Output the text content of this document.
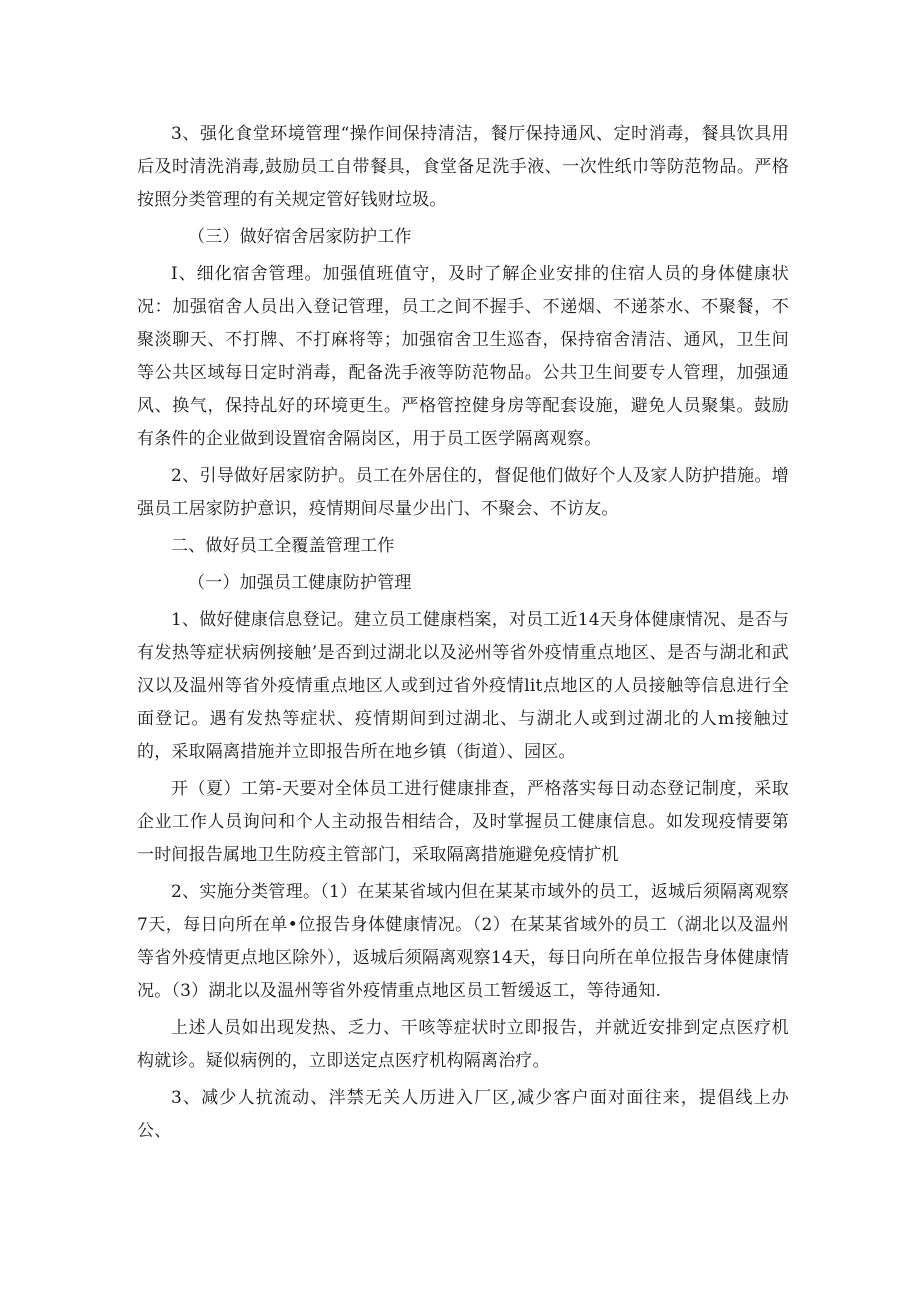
3、强化食堂环境管理“操作间保持清洁，餐厅保持通风、定时消毒，餐具饮具用后及时清洗消毒,鼓励员工自带餐具，食堂备足洗手液、一次性纸巾等防范物品。严格按照分类管理的有关规定管好钱财垃圾。

（三）做好宿舍居家防护工作

I、细化宿舍管理。加强值班值守，及时了解企业安排的住宿人员的身体健康状况：加强宿舍人员出入登记管理，员工之间不握手、不递烟、不递茶水、不聚餐，不聚淡聊天、不打牌、不打麻将等；加强宿舍卫生巡杳，保持宿舍清洁、通风，卫生间等公共区域每日定时消毒，配备洗手液等防范物品。公共卫生间要专人管理，加强通风、换气，保持乩好的环境更生。严格管控健身房等配套设施，避免人员聚集。鼓励有条件的企业做到设置宿舍隔岗区，用于员工医学隔离观察。

2、引导做好居家防护。员工在外居住的，督促他们做好个人及家人防护措施。增强员工居家防护意识，疫情期间尽量少出门、不聚会、不访友。

二、做好员工全覆盖管理工作

（一）加强员工健康防护管理

1、做好健康信息登记。建立员工健康档案，对员工近14天身体健康情况、是否与有发热等症状病例接触’是否到过湖北以及泌州等省外疫情重点地区、是否与湖北和武汉以及温州等省外疫情重点地区人或到过省外疫情lit点地区的人员接触等信息进行全面登记。遇有发热等症状、疫情期间到过湖北、与湖北人或到过湖北的人m接触过的，采取隔离措施并立即报告所在地乡镇（街道）、园区。

开（夏）工第-天要对全体员工进行健康排查，严格落实每日动态登记制度，采取企业工作人员询问和个人主动报告相结合，及时掌握员工健康信息。如发现疫情要第一时间报告属地卫生防疫主管部门，采取隔离措施避免疫情扩机

2、实施分类管理。（1）在某某省域内但在某某市域外的员工，返城后须隔离观察7天，每日向所在单•位报告身体健康情况。（2）在某某省域外的员工（湖北以及温州等省外疫情更点地区除外），返城后须隔离观察14天，每日向所在单位报告身体健康情况。（3）湖北以及温州等省外疫情重点地区员工暂缓返工，等待通知.

上述人员如出现发热、乏力、干咳等症状时立即报告，并就近安排到定点医疗机构就诊。疑似病例的，立即送定点医疗机构隔离治疗。

3、减少人抗流动、泮禁无关人历进入厂区,减少客户面对面往来，提倡线上办公、
